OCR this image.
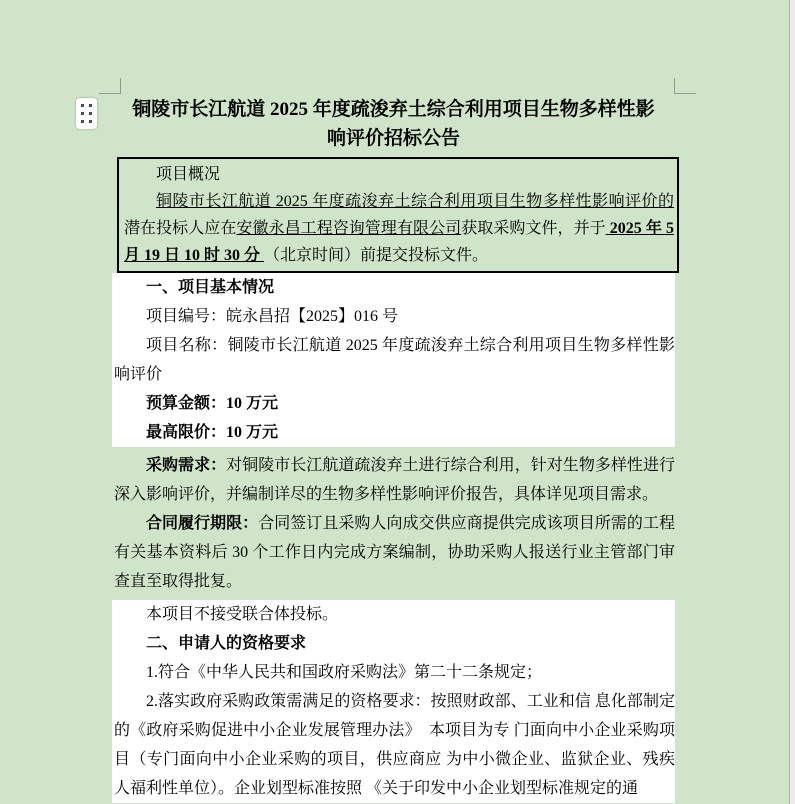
铜陵市长江航道 2025 年度疏浚弃土综合利用项目生物多样性影响评价招标公告

项目概况

铜陵市长江航道 2025 年度疏浚弃土综合利用项目生物多样性影响评价的潜在投标人应在安徽永昌工程咨询管理有限公司获取采购文件，并于 2025 年 5 月 19 日 10 时 30 分 （北京时间）前提交投标文件。

一、项目基本情况

项目编号：皖永昌招【2025】016 号

项目名称：铜陵市长江航道 2025 年度疏浚弃土综合利用项目生物多样性影响评价

预算金额：10 万元

最高限价：10 万元

采购需求：对铜陵市长江航道疏浚弃土进行综合利用，针对生物多样性进行深入影响评价，并编制详尽的生物多样性影响评价报告，具体详见项目需求。

合同履行期限：合同签订且采购人向成交供应商提供完成该项目所需的工程有关基本资料后 30 个工作日内完成方案编制，协助采购人报送行业主管部门审查直至取得批复。

本项目不接受联合体投标。

二、申请人的资格要求

1.符合《中华人民共和国政府采购法》第二十二条规定；

2.落实政府采购政策需满足的资格要求：按照财政部、工业和信 息化部制定的《政府采购促进中小企业发展管理办法》　本项目为专 门面向中小企业采购项目（专门面向中小企业采购的项目，供应商应 为中小微企业、监狱企业、残疾人福利性单位）。企业划型标准按照 《关于印发中小企业划型标准规定的通
